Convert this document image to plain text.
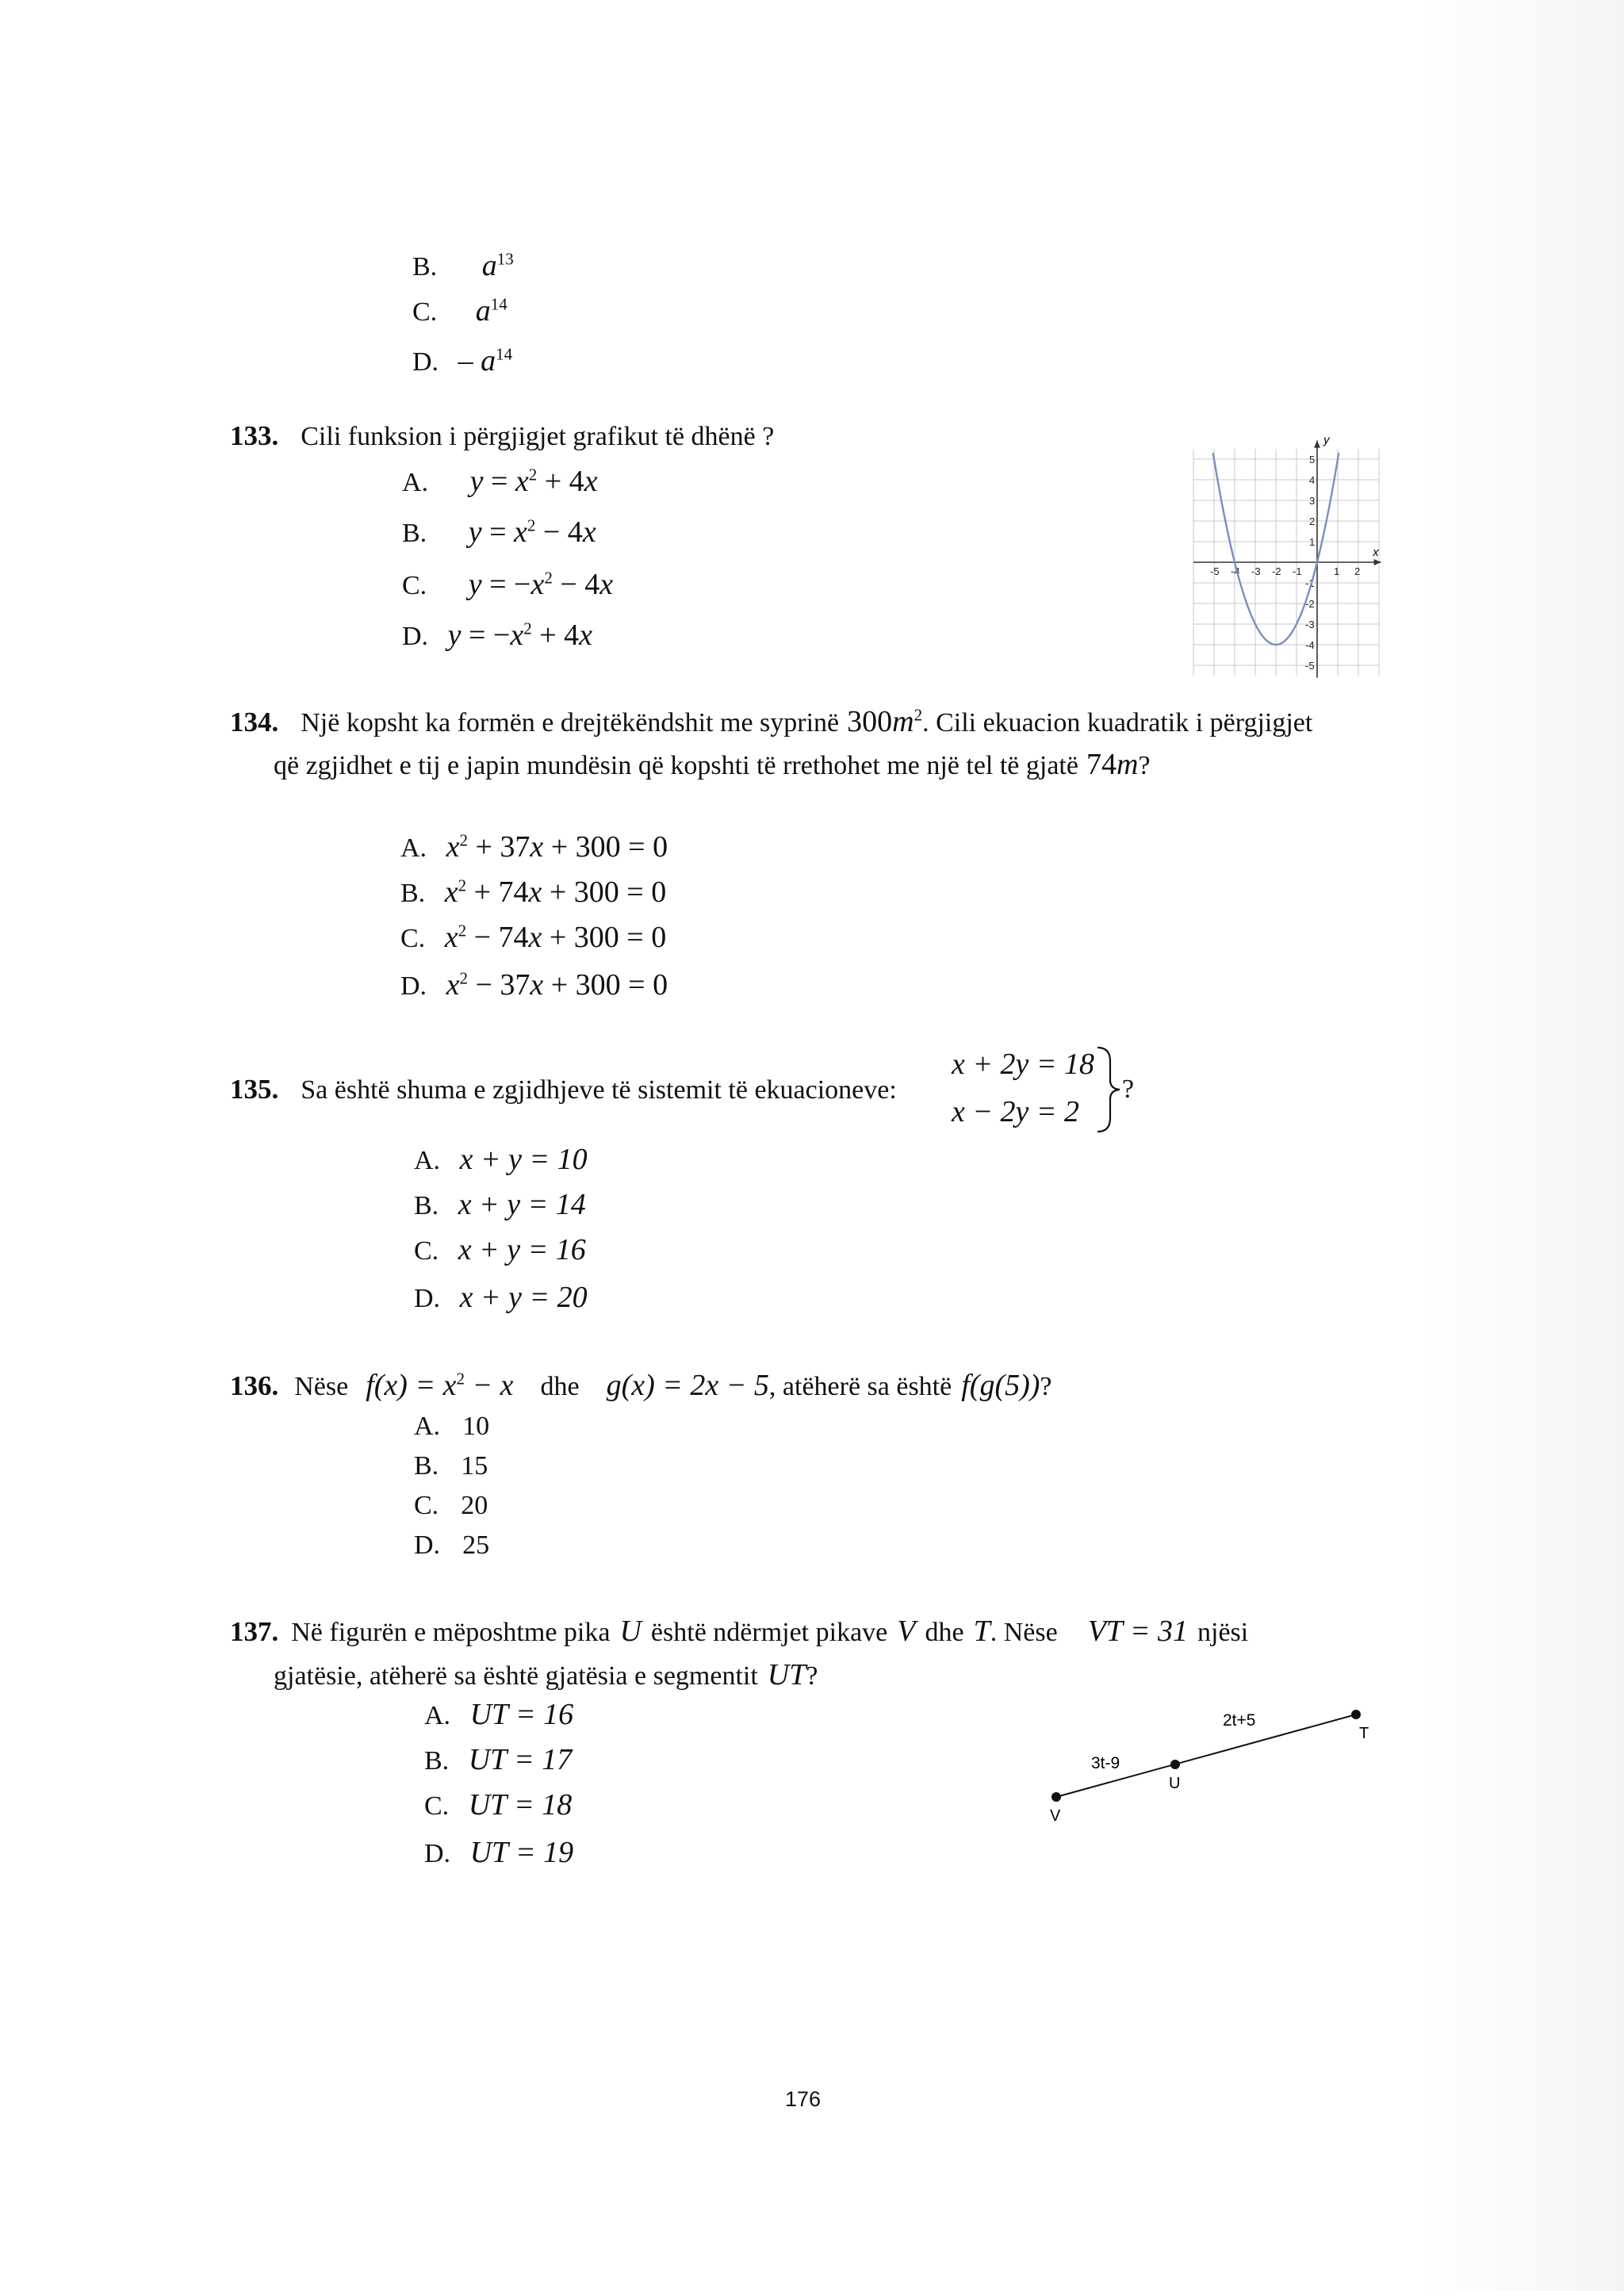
B. $a^{13}$
C. $a^{14}$
D. – $a^{14}$
133. Cili funksion i përgjigjet grafikut të dhënë ?
A. $y = x^2 + 4x$
B. $y = x^2 - 4x$
C. $y = -x^2 - 4x$
D. $y = -x^2 + 4x$
-5 -4 -3 -2 -1	1 2
5
4
3
2
1
-1
-2
-3
-4
-5
x
y
134. Një kopsht ka formën e drejtëkëndshit me syprinë $300m^2$. Cili ekuacion kuadratik i përgjigjet
që zgjidhet e tij e japin mundësin që kopshti të rrethohet me një tel të gjatë 74m?
A. $x^2 + 37x + 300 = 0$
B. $x^2 + 74x + 300 = 0$
C. $x^2 - 74x + 300 = 0$
D. $x^2 - 37x + 300 = 0$
135. Sa është shuma e zgjidhjeve të sistemit të ekuacioneve:
x + 2y = 18
x − 2y = 2
?
A. x + y = 10
B. x + y = 14
C. x + y = 16
D. x + y = 20
136. Nëse $f(x) = x^2 - x$ dhe g(x) = 2x − 5, atëherë sa është f(g(5))?
A. 10
B. 15
C. 20
D. 25
137. Në figurën e mëposhtme pika U është ndërmjet pikave V dhe T. Nëse VT = 31 njësi
gjatësie, atëherë sa është gjatësia e segmentit UT?
A. UT = 16
B. UT = 17
C. UT = 18
D. UT = 19
V
U
T
3t-9
2t+5
176
